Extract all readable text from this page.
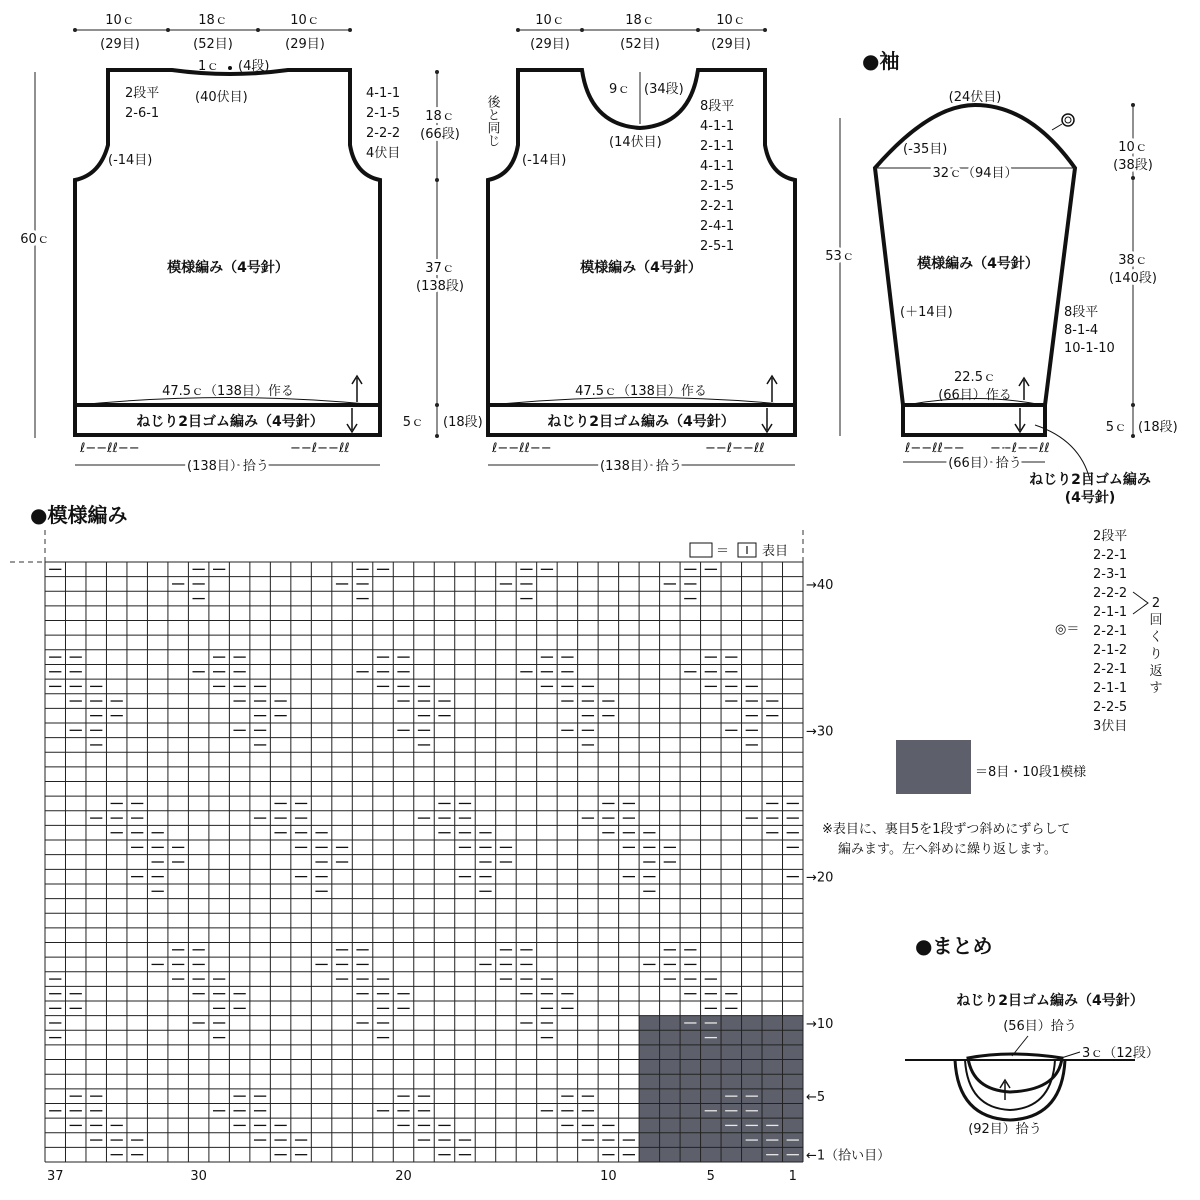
10ｃ	18ｃ	10ｃ
(29目)	(52目)	(29目)
1ｃ (4段)
(40伏目)
2段平
2-6-1
4-1-1
2-1-5
2-2-2
4伏目
(-14目)
模様編み（4号針）
47.5ｃ（138目）作る
ねじり2目ゴム編み（4号針）
ℓ−−ℓℓ−−	−−ℓ−−ℓℓ
(138目）拾う
60ｃ
18ｃ
(66段)
37ｃ
(138段)
5ｃ (18段)
10ｃ	18ｃ	10ｃ
(29目)	(52目)	(29目)
9ｃ (34段)
(14伏目)
後と同じ
(-14目)
8段平
4-1-1
2-1-1
4-1-1
2-1-5
2-2-1
2-4-1
2-5-1
模様編み（4号針）
47.5ｃ（138目）作る
ねじり2目ゴム編み（4号針）
ℓ−−ℓℓ−−	−−ℓ−−ℓℓ
(138目）拾う
●袖
53ｃ
(24伏目)
(-35目)
32ｃ（94目）
模様編み（4号針）
(＋14目)	8段平
8-1-4
10-1-10
22.5ｃ
(66目）作る
10ｃ
(38段)
38ｃ
(140段)
5ｃ (18段)
ℓ−−ℓℓ−− −−ℓ−−ℓℓ
(66目）拾う
ねじり2目ゴム編み
(4号針)
●模様編み
＝	表目
→40
→30
→20
→10
←5
←1（拾い目）
37	30	20	10	5	1
2段平
2-2-1
2-3-1
2-2-2
2-1-1
2-2-1
2-1-2
2-2-1
2-1-1
2-2-5
3伏目
◎＝
2
回
く
り
返
す
＝8目・10段1模様
※表目に、裏目5を1段ずつ斜めにずらして
編みます。左へ斜めに繰り返します。
●まとめ
ねじり2目ゴム編み（4号針）
(56目）拾う
3ｃ（12段）
(92目）拾う
